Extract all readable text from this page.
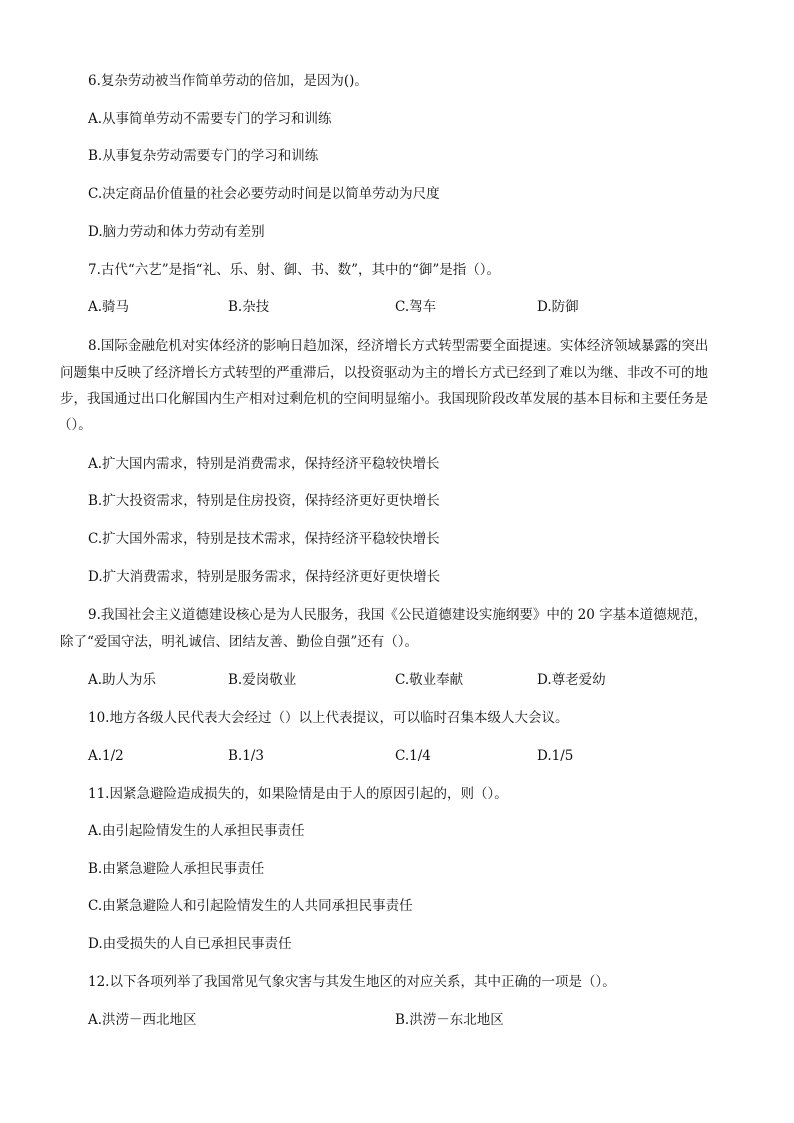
6.复杂劳动被当作简单劳动的倍加，是因为()。
A.从事简单劳动不需要专门的学习和训练
B.从事复杂劳动需要专门的学习和训练
C.决定商品价值量的社会必要劳动时间是以简单劳动为尺度
D.脑力劳动和体力劳动有差别
7.古代“六艺”是指“礼、乐、射、御、书、数”，其中的“御”是指（）。
A.骑马	B.杂技	C.驾车	D.防御
8.国际金融危机对实体经济的影响日趋加深，经济增长方式转型需要全面提速。实体经济领域暴露的突出
问题集中反映了经济增长方式转型的严重滞后，以投资驱动为主的增长方式已经到了难以为继、非改不可的地
步，我国通过出口化解国内生产相对过剩危机的空间明显缩小。我国现阶段改革发展的基本目标和主要任务是
（）。
A.扩大国内需求，特别是消费需求，保持经济平稳较快增长
B.扩大投资需求，特别是住房投资，保持经济更好更快增长
C.扩大国外需求，特别是技术需求，保持经济平稳较快增长
D.扩大消费需求，特别是服务需求，保持经济更好更快增长
9.我国社会主义道德建设核心是为人民服务，我国《公民道德建设实施纲要》中的 20 字基本道德规范，
除了“爱国守法，明礼诚信、团结友善、勤俭自强”还有（）。
A.助人为乐	B.爱岗敬业	C.敬业奉献	D.尊老爱幼
10.地方各级人民代表大会经过（）以上代表提议，可以临时召集本级人大会议。
A.1/2	B.1/3	C.1/4	D.1/5
11.因紧急避险造成损失的，如果险情是由于人的原因引起的，则（）。
A.由引起险情发生的人承担民事责任
B.由紧急避险人承担民事责任
C.由紧急避险人和引起险情发生的人共同承担民事责任
D.由受损失的人自已承担民事责任
12.以下各项列举了我国常见气象灾害与其发生地区的对应关系，其中正确的一项是（）。
A.洪涝－西北地区	B.洪涝－东北地区
